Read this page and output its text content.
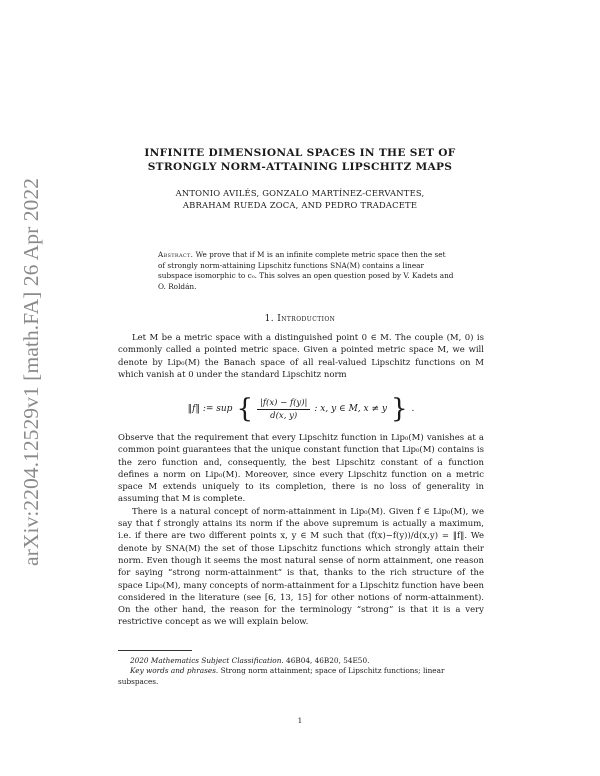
arXiv:2204.12529v1 [math.FA] 26 Apr 2022
INFINITE DIMENSIONAL SPACES IN THE SET OF
STRONGLY NORM-ATTAINING LIPSCHITZ MAPS
ANTONIO AVILÉS, GONZALO MARTÍNEZ-CERVANTES,
ABRAHAM RUEDA ZOCA, AND PEDRO TRADACETE
Abstract. We prove that if M is an infinite complete metric space then the set of strongly norm-attaining Lipschitz functions SNA(M) contains a linear subspace isomorphic to c₀. This solves an open question posed by V. Kadets and O. Roldán.
1. Introduction

Let M be a metric space with a distinguished point 0 ∈ M. The couple (M, 0) is commonly called a pointed metric space. Given a pointed metric space M, we will denote by Lip₀(M) the Banach space of all real-valued Lipschitz functions on M which vanish at 0 under the standard Lipschitz norm

‖f‖ := sup { $\frac{|f(x) - f(y)|}{d(x, y)}$ : x, y ∈ M, x ≠ y } .

Observe that the requirement that every Lipschitz function in Lip₀(M) vanishes at a common point guarantees that the unique constant function that Lip₀(M) contains is the zero function and, consequently, the best Lipschitz constant of a function defines a norm on Lip₀(M). Moreover, since every Lipschitz function on a metric space M extends uniquely to its completion, there is no loss of generality in assuming that M is complete.

There is a natural concept of norm-attainment in Lip₀(M). Given f ∈ Lip₀(M), we say that f strongly attains its norm if the above supremum is actually a maximum, i.e. if there are two different points x, y ∈ M such that (f(x)−f(y))/d(x,y) = ‖f‖. We denote by SNA(M) the set of those Lipschitz functions which strongly attain their norm. Even though it seems the most natural sense of norm attainment, one reason for saying “strong norm-attainment” is that, thanks to the rich structure of the space Lip₀(M), many concepts of norm-attainment for a Lipschitz function have been considered in the literature (see [6, 13, 15] for other notions of norm-attainment). On the other hand, the reason for the terminology “strong” is that it is a very restrictive concept as we will explain below.

2020 Mathematics Subject Classification. 46B04, 46B20, 54E50.

Key words and phrases. Strong norm attainment; space of Lipschitz functions; linear subspaces.

1
